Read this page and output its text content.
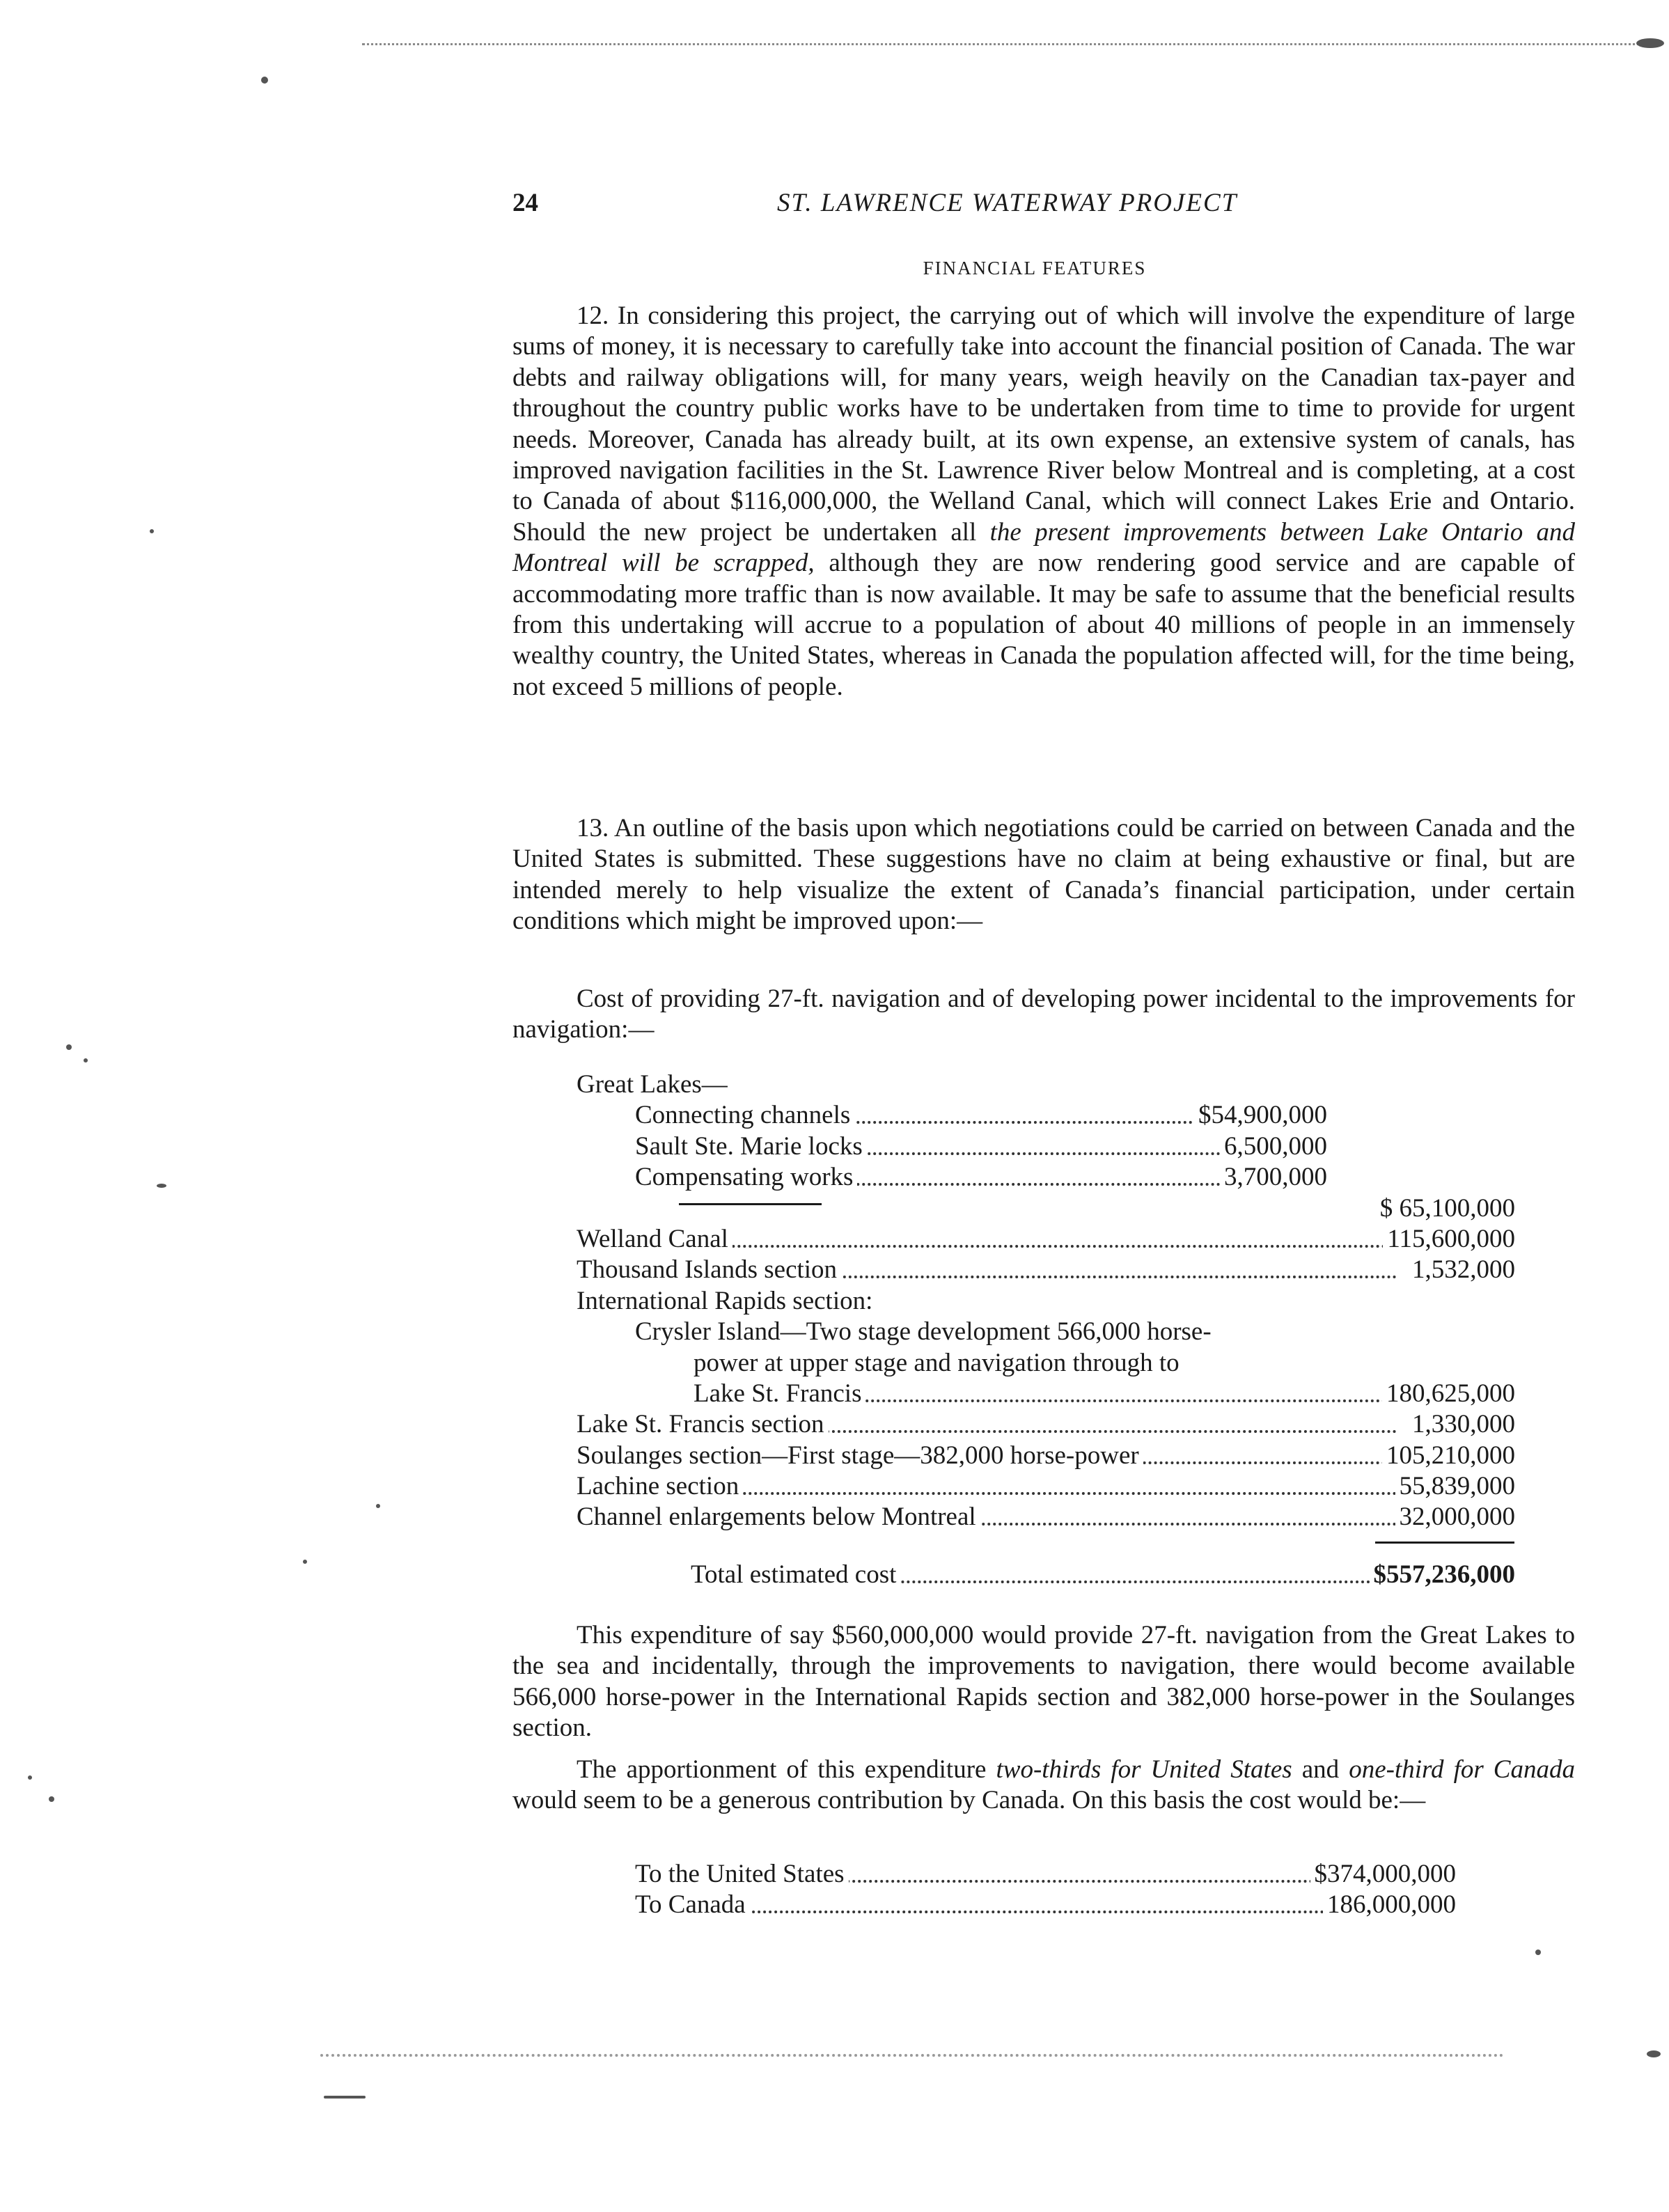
24	ST. LAWRENCE WATERWAY PROJECT
FINANCIAL FEATURES

12. In considering this project, the carrying out of which will involve the expenditure of large sums of money, it is necessary to carefully take into account the financial position of Canada. The war debts and railway obligations will, for many years, weigh heavily on the Canadian tax-payer and throughout the country public works have to be undertaken from time to time to provide for urgent needs. Moreover, Canada has already built, at its own expense, an extensive system of canals, has improved navigation facilities in the St. Lawrence River below Montreal and is completing, at a cost to Canada of about $116,000,000, the Welland Canal, which will connect Lakes Erie and Ontario. Should the new project be undertaken all the present improvements between Lake Ontario and Montreal will be scrapped, although they are now rendering good service and are capable of accommodating more traffic than is now available. It may be safe to assume that the beneficial results from this undertaking will accrue to a population of about 40 millions of people in an immensely wealthy country, the United States, whereas in Canada the population affected will, for the time being, not exceed 5 millions of people.

13. An outline of the basis upon which negotiations could be carried on between Canada and the United States is submitted. These suggestions have no claim at being exhaustive or final, but are intended merely to help visualize the extent of Canada’s financial participation, under certain conditions which might be improved upon:—

Cost of providing 27-ft. navigation and of developing power incidental to the improvements for navigation:—

Great Lakes—
Connecting channels	$54,900,000
Sault Ste. Marie locks	6,500,000
Compensating works	3,700,000
$ 65,100,000
Welland Canal	115,600,000
Thousand Islands section	1,532,000
International Rapids section:
Crysler Island—Two stage development 566,000 horse-
power at upper stage and navigation through to
Lake St. Francis	180,625,000
Lake St. Francis section	1,330,000
Soulanges section—First stage—382,000 horse-power	105,210,000
Lachine section	55,839,000
Channel enlargements below Montreal	32,000,000
Total estimated cost	$557,236,000

This expenditure of say $560,000,000 would provide 27-ft. navigation from the Great Lakes to the sea and incidentally, through the improvements to navigation, there would become available 566,000 horse-power in the International Rapids section and 382,000 horse-power in the Soulanges section.

The apportionment of this expenditure two-thirds for United States and one-third for Canada would seem to be a generous contribution by Canada. On this basis the cost would be:—

To the United States	$374,000,000
To Canada	186,000,000
